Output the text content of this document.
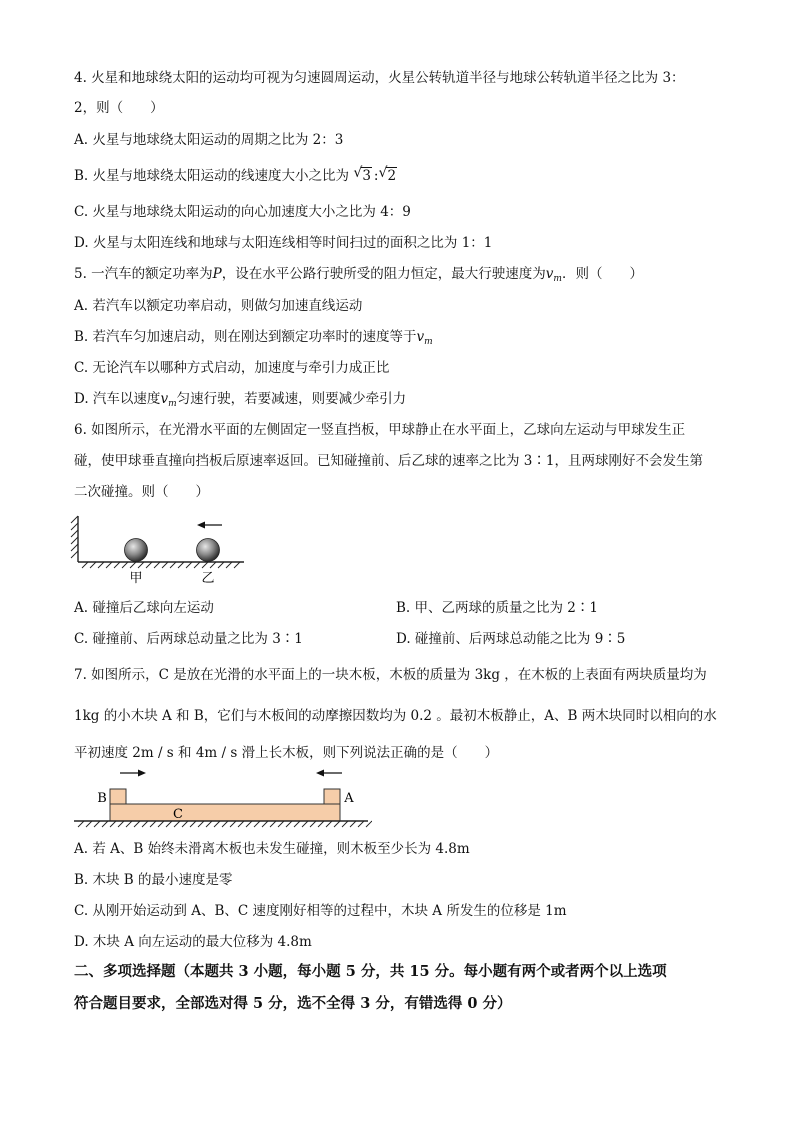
4. 火星和地球绕太阳的运动均可视为匀速圆周运动，火星公转轨道半径与地球公转轨道半径之比为 3：
2，则（　　）
A. 火星与地球绕太阳运动的周期之比为 2：3
B. 火星与地球绕太阳运动的线速度大小之比为 √ 3 : √ 2
C. 火星与地球绕太阳运动的向心加速度大小之比为 4：9
D. 火星与太阳连线和地球与太阳连线相等时间扫过的面积之比为 1：1
5. 一汽车的额定功率为P，设在水平公路行驶所受的阻力恒定，最大行驶速度为$v_m$．则（　　）
A. 若汽车以额定功率启动，则做匀加速直线运动
B. 若汽车匀加速启动，则在刚达到额定功率时的速度等于$v_m$
C. 无论汽车以哪种方式启动，加速度与牵引力成正比
D. 汽车以速度$v_m$匀速行驶，若要减速，则要减少牵引力
6. 如图所示，在光滑水平面的左侧固定一竖直挡板，甲球静止在水平面上，乙球向左运动与甲球发生正
碰，使甲球垂直撞向挡板后原速率返回。已知碰撞前、后乙球的速率之比为 3∶1，且两球刚好不会发生第
二次碰撞。则（　　）
甲	乙
A. 碰撞后乙球向左运动	B. 甲、乙两球的质量之比为 2∶1
C. 碰撞前、后两球总动量之比为 3∶1	D. 碰撞前、后两球总动能之比为 9∶5
7. 如图所示，C 是放在光滑的水平面上的一块木板，木板的质量为 3kg ，在木板的上表面有两块质量均为
1kg 的小木块 A 和 B，它们与木板间的动摩擦因数均为 0.2 。最初木板静止，A、B 两木块同时以相向的水
平初速度 2m / s 和 4m / s 滑上长木板，则下列说法正确的是（　　）
B	A
C
A. 若 A、B 始终未滑离木板也未发生碰撞，则木板至少长为 4.8m
B. 木块 B 的最小速度是零
C. 从刚开始运动到 A、B、C 速度刚好相等的过程中，木块 A 所发生的位移是 1m
D. 木块 A 向左运动的最大位移为 4.8m
二、多项选择题（本题共 3 小题，每小题 5 分，共 15 分。每小题有两个或者两个以上选项
符合题目要求，全部选对得 5 分，选不全得 3 分，有错选得 0 分）
